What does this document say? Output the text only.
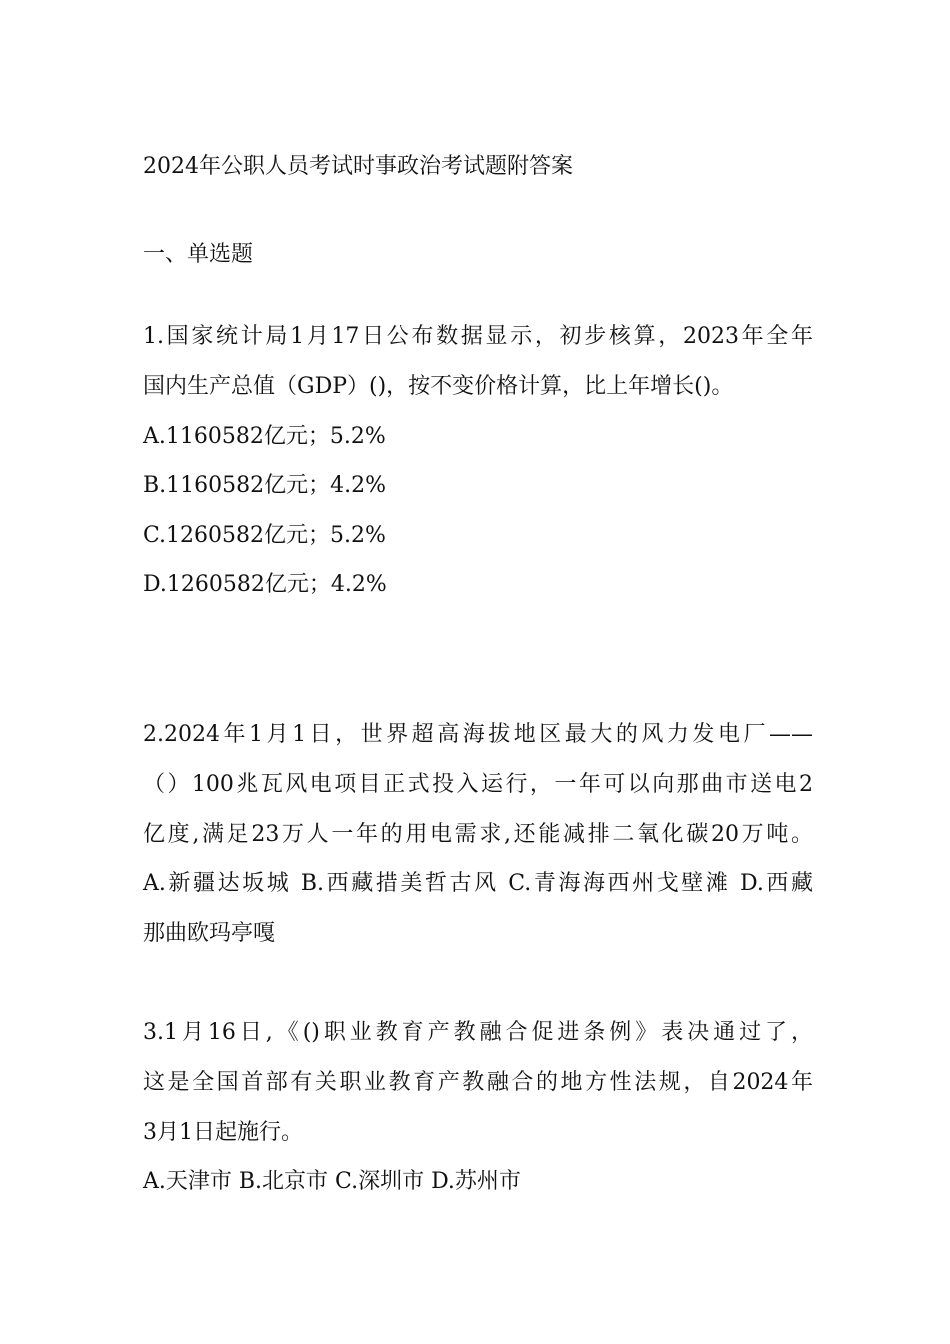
2024年公职人员考试时事政治考试题附答案
一、单选题
1.国家统计局1月17日公布数据显示，初步核算，2023年全年
国内生产总值（GDP）()，按不变价格计算，比上年增长()。
A.1160582亿元；5.2%
B.1160582亿元；4.2%
C.1260582亿元；5.2%
D.1260582亿元；4.2%
2.2024年1月1日，世界超高海拔地区最大的风力发电厂——
（）100兆瓦风电项目正式投入运行，一年可以向那曲市送电2
亿度,满足23万人一年的用电需求,还能减排二氧化碳20万吨。
A.新疆达坂城 B.西藏措美哲古风 C.青海海西州戈壁滩 D.西藏
那曲欧玛亭嘎
3.1月16日,《()职业教育产教融合促进条例》表决通过了，
这是全国首部有关职业教育产教融合的地方性法规，自2024年
3月1日起施行。
A.天津市 B.北京市 C.深圳市 D.苏州市
